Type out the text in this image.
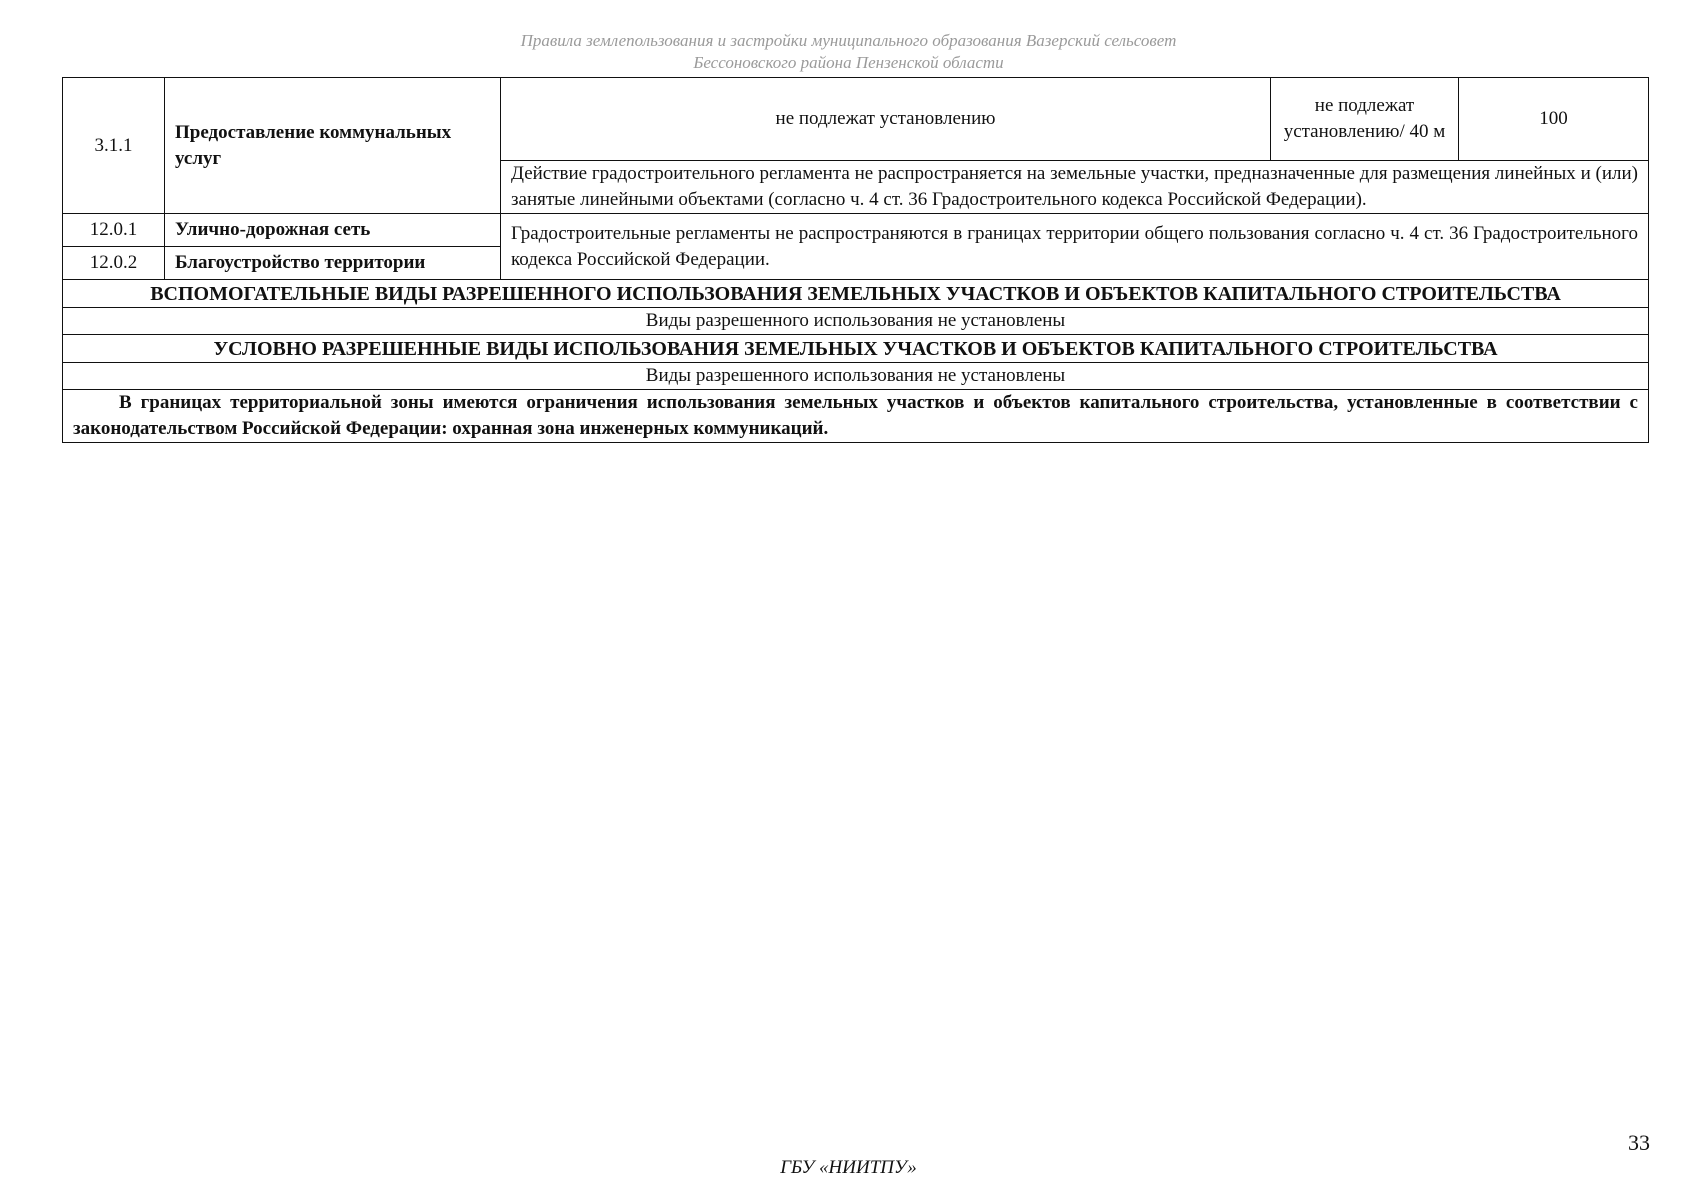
Правила землепользования и застройки муниципального образования Вазерский сельсовет
Бессоновского района Пензенской области
3.1.1	Предоставление коммунальных услуг	не подлежат установлению	не подлежат установлению/ 40 м	100
		Действие градостроительного регламента не распространяется на земельные участки, предназначенные для размещения линейных и (или) занятые линейными объектами (согласно ч. 4 ст. 36 Градостроительного кодекса Российской Федерации).		
12.0.1	Улично-дорожная сеть	Градостроительные регламенты не распространяются в границах территории общего пользования согласно ч. 4 ст. 36 Градостроительного кодекса Российской Федерации.		
12.0.2	Благоустройство территории			
ВСПОМОГАТЕЛЬНЫЕ ВИДЫ РАЗРЕШЕННОГО ИСПОЛЬЗОВАНИЯ ЗЕМЕЛЬНЫХ УЧАСТКОВ И ОБЪЕКТОВ КАПИТАЛЬНОГО СТРОИТЕЛЬСТВА				
Виды разрешенного использования не установлены				
УСЛОВНО РАЗРЕШЕННЫЕ ВИДЫ ИСПОЛЬЗОВАНИЯ ЗЕМЕЛЬНЫХ УЧАСТКОВ И ОБЪЕКТОВ КАПИТАЛЬНОГО СТРОИТЕЛЬСТВА				
Виды разрешенного использования не установлены				
В границах территориальной зоны имеются ограничения использования земельных участков и объектов капитального строительства, установленные в соответствии с законодательством Российской Федерации: охранная зона инженерных коммуникаций.				
33
ГБУ «НИИТПУ»
